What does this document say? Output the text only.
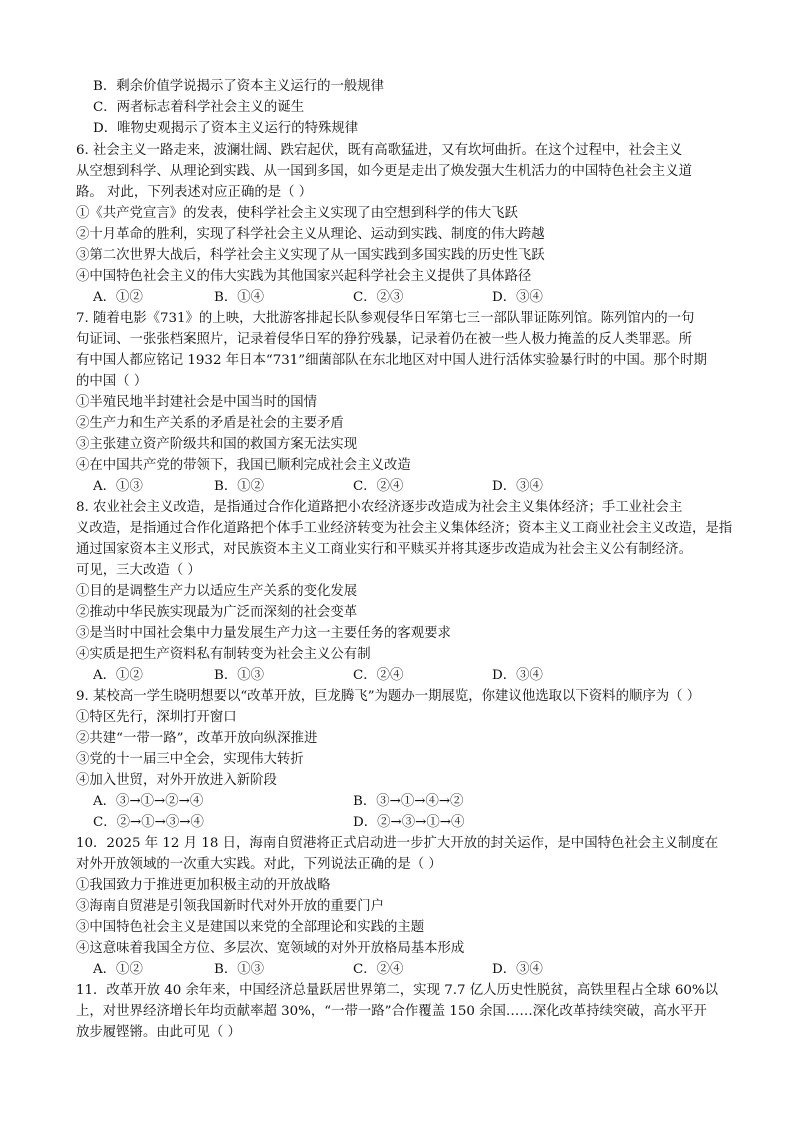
B．剩余价值学说揭示了资本主义运行的一般规律
C．两者标志着科学社会主义的诞生
D．唯物史观揭示了资本主义运行的特殊规律
6. 社会主义一路走来，波澜壮阔、跌宕起伏，既有高歌猛进，又有坎坷曲折。在这个过程中，社会主义
从空想到科学、从理论到实践、从一国到多国，如今更是走出了焕发强大生机活力的中国特色社会主义道
路。 对此，下列表述对应正确的是（ ）
①《共产党宣言》的发表，使科学社会主义实现了由空想到科学的伟大飞跃
②十月革命的胜利，实现了科学社会主义从理论、运动到实践、制度的伟大跨越
③第二次世界大战后，科学社会主义实现了从一国实践到多国实践的历史性飞跃
④中国特色社会主义的伟大实践为其他国家兴起科学社会主义提供了具体路径
A．①②	B．①④	C．②③	D．③④
7. 随着电影《731》的上映，大批游客排起长队参观侵华日军第七三一部队罪证陈列馆。陈列馆内的一句
句证词、一张张档案照片，记录着侵华日军的狰狞残暴，记录着仍在被一些人极力掩盖的反人类罪恶。所
有中国人都应铭记 1932 年日本“731”细菌部队在东北地区对中国人进行活体实验暴行时的中国。那个时期
的中国（ ）
①半殖民地半封建社会是中国当时的国情
②生产力和生产关系的矛盾是社会的主要矛盾
③主张建立资产阶级共和国的救国方案无法实现
④在中国共产党的带领下，我国已顺利完成社会主义改造
A．①③	B．①②	C．②④	D．③④
8. 农业社会主义改造，是指通过合作化道路把小农经济逐步改造成为社会主义集体经济；手工业社会主
义改造，是指通过合作化道路把个体手工业经济转变为社会主义集体经济；资本主义工商业社会主义改造，是指
通过国家资本主义形式，对民族资本主义工商业实行和平赎买并将其逐步改造成为社会主义公有制经济。
可见，三大改造（ ）
①目的是调整生产力以适应生产关系的变化发展
②推动中华民族实现最为广泛而深刻的社会变革
③是当时中国社会集中力量发展生产力这一主要任务的客观要求
④实质是把生产资料私有制转变为社会主义公有制
A．①②	B．①③	C．②④	D．③④
9. 某校高一学生晓明想要以“改革开放，巨龙腾飞”为题办一期展览，你建议他选取以下资料的顺序为（ ）
①特区先行，深圳打开窗口
②共建“一带一路”，改革开放向纵深推进
③党的十一届三中全会，实现伟大转折
④加入世贸，对外开放进入新阶段
A．③→①→②→④	B．③→①→④→②
C．②→①→③→④	D．②→③→①→④
10．2025 年 12 月 18 日，海南自贸港将正式启动进一步扩大开放的封关运作，是中国特色社会主义制度在
对外开放领域的一次重大实践。对此，下列说法正确的是（ ）
①我国致力于推进更加积极主动的开放战略
③海南自贸港是引领我国新时代对外开放的重要门户
③中国特色社会主义是建国以来党的全部理论和实践的主题
④这意味着我国全方位、多层次、宽领域的对外开放格局基本形成
A．①②	B．①③	C．②④	D．③④
11．改革开放 40 余年来，中国经济总量跃居世界第二，实现 7.7 亿人历史性脱贫，高铁里程占全球 60%以
上，对世界经济增长年均贡献率超 30%，“一带一路”合作覆盖 150 余国……深化改革持续突破，高水平开
放步履铿锵。由此可见（ ）
